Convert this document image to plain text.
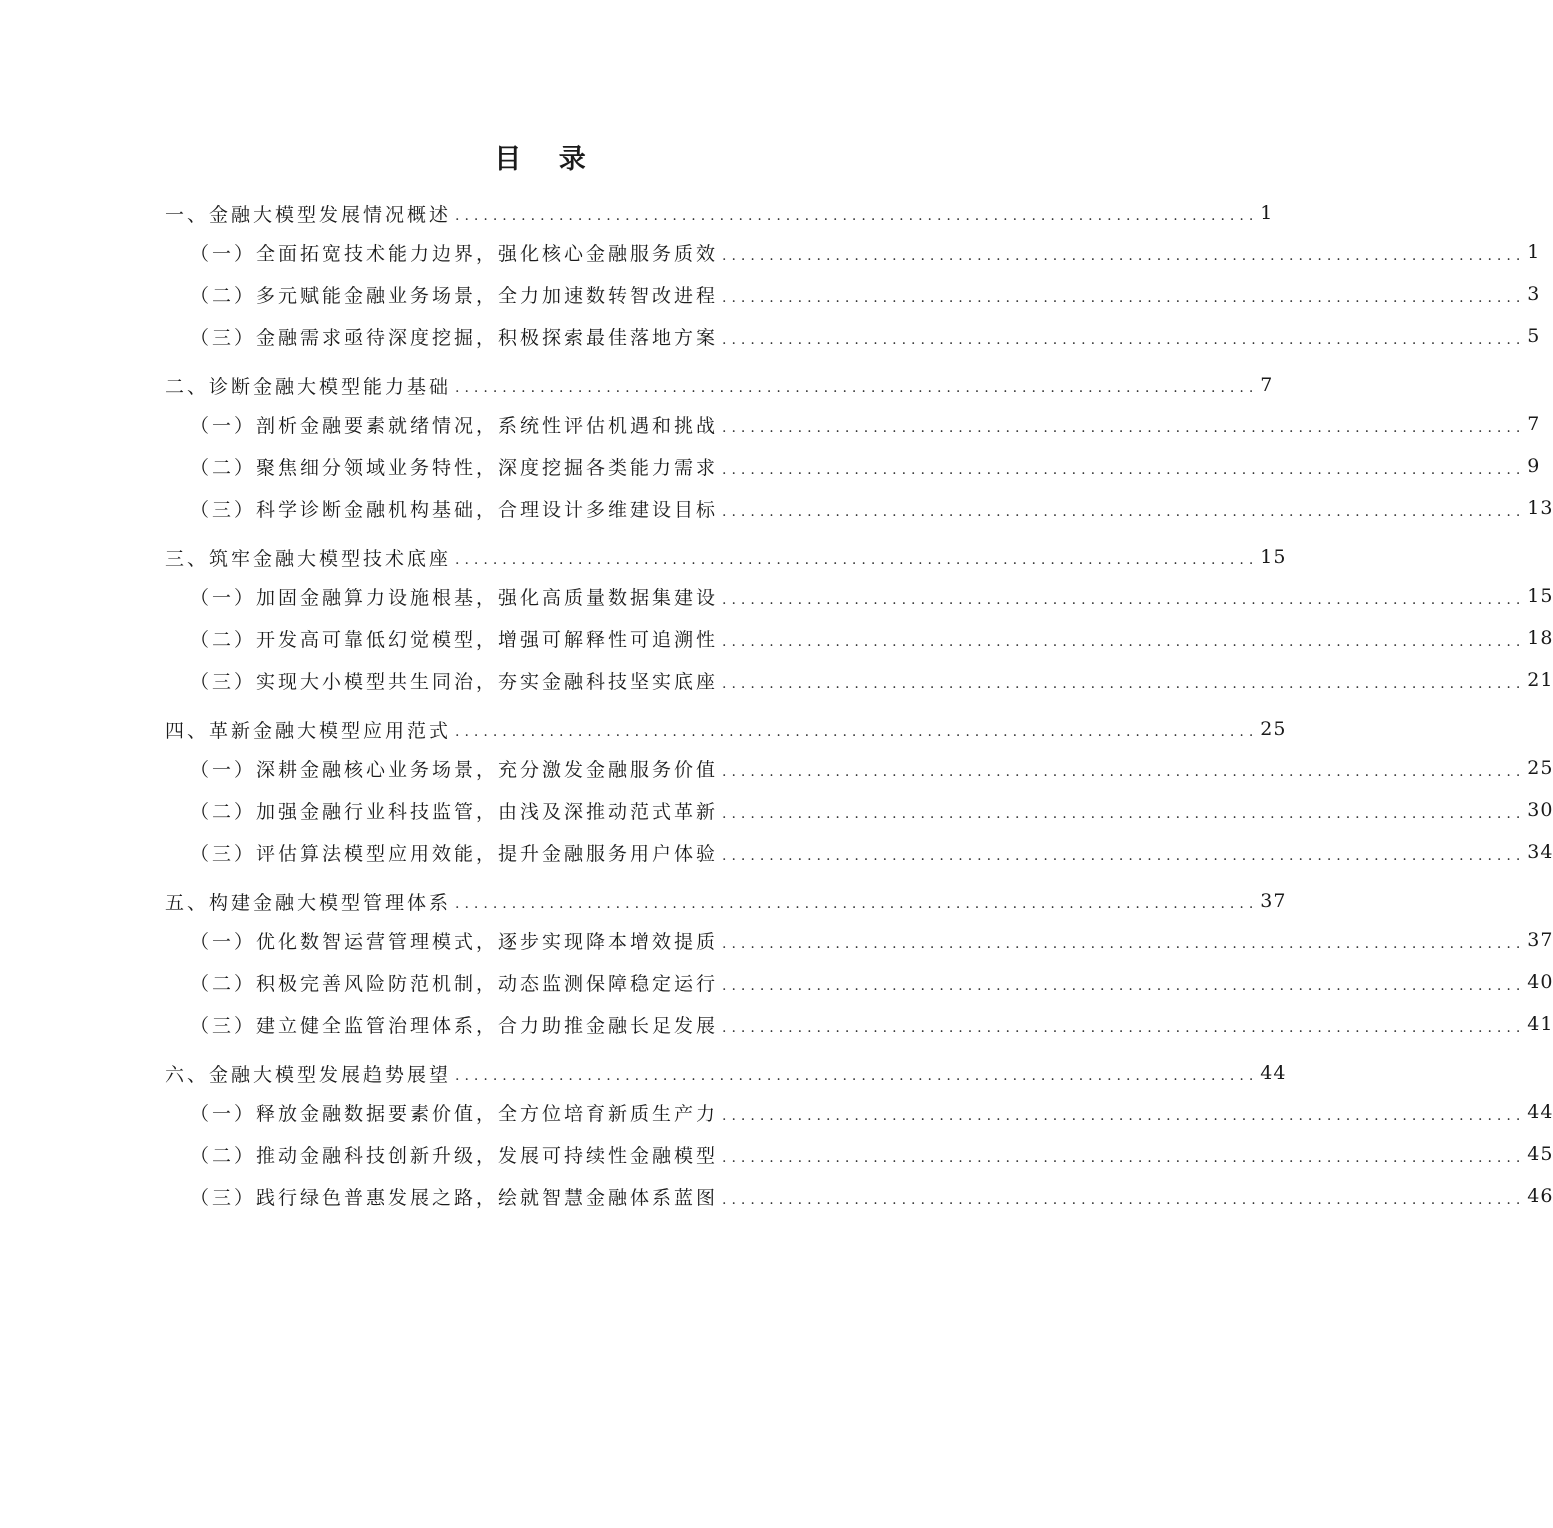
目 录
一、金融大模型发展情况概述 ..................................................................................... 1
（一）全面拓宽技术能力边界，强化核心金融服务质效 ..................................................................................... 1
（二）多元赋能金融业务场景，全力加速数转智改进程 ..................................................................................... 3
（三）金融需求亟待深度挖掘，积极探索最佳落地方案 ..................................................................................... 5
二、诊断金融大模型能力基础 ..................................................................................... 7
（一）剖析金融要素就绪情况，系统性评估机遇和挑战 ..................................................................................... 7
（二）聚焦细分领域业务特性，深度挖掘各类能力需求 ..................................................................................... 9
（三）科学诊断金融机构基础，合理设计多维建设目标 ..................................................................................... 13
三、筑牢金融大模型技术底座 ..................................................................................... 15
（一）加固金融算力设施根基，强化高质量数据集建设 ..................................................................................... 15
（二）开发高可靠低幻觉模型，增强可解释性可追溯性 ..................................................................................... 18
（三）实现大小模型共生同治，夯实金融科技坚实底座 ..................................................................................... 21
四、革新金融大模型应用范式 ..................................................................................... 25
（一）深耕金融核心业务场景，充分激发金融服务价值 ..................................................................................... 25
（二）加强金融行业科技监管，由浅及深推动范式革新 ..................................................................................... 30
（三）评估算法模型应用效能，提升金融服务用户体验 ..................................................................................... 34
五、构建金融大模型管理体系 ..................................................................................... 37
（一）优化数智运营管理模式，逐步实现降本增效提质 ..................................................................................... 37
（二）积极完善风险防范机制，动态监测保障稳定运行 ..................................................................................... 40
（三）建立健全监管治理体系，合力助推金融长足发展 ..................................................................................... 41
六、金融大模型发展趋势展望 ..................................................................................... 44
（一）释放金融数据要素价值，全方位培育新质生产力 ..................................................................................... 44
（二）推动金融科技创新升级，发展可持续性金融模型 ..................................................................................... 45
（三）践行绿色普惠发展之路，绘就智慧金融体系蓝图 ..................................................................................... 46
